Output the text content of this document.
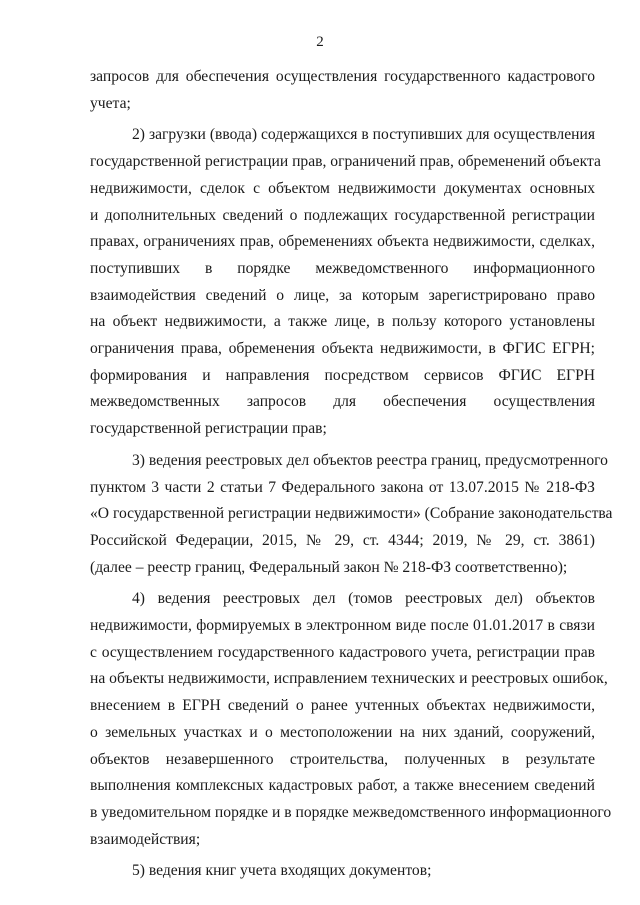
2
запросов для обеспечения осуществления государственного кадастрового
учета;
2) загрузки (ввода) содержащихся в поступивших для осуществления
государственной регистрации прав, ограничений прав, обременений объекта
недвижимости, сделок с объектом недвижимости документах основных
и дополнительных сведений о подлежащих государственной регистрации
правах, ограничениях прав, обременениях объекта недвижимости, сделках,
поступивших в порядке межведомственного информационного
взаимодействия сведений о лице, за которым зарегистрировано право
на объект недвижимости, а также лице, в пользу которого установлены
ограничения права, обременения объекта недвижимости, в ФГИС ЕГРН;
формирования и направления посредством сервисов ФГИС ЕГРН
межведомственных запросов для обеспечения осуществления
государственной регистрации прав;
3) ведения реестровых дел объектов реестра границ, предусмотренного
пунктом 3 части 2 статьи 7 Федерального закона от 13.07.2015 № 218-ФЗ
«О государственной регистрации недвижимости» (Собрание законодательства
Российской Федерации, 2015, № 29, ст. 4344; 2019, № 29, ст. 3861)
(далее – реестр границ, Федеральный закон № 218-ФЗ соответственно);
4) ведения реестровых дел (томов реестровых дел) объектов
недвижимости, формируемых в электронном виде после 01.01.2017 в связи
с осуществлением государственного кадастрового учета, регистрации прав
на объекты недвижимости, исправлением технических и реестровых ошибок,
внесением в ЕГРН сведений о ранее учтенных объектах недвижимости,
о земельных участках и о местоположении на них зданий, сооружений,
объектов незавершенного строительства, полученных в результате
выполнения комплексных кадастровых работ, а также внесением сведений
в уведомительном порядке и в порядке межведомственного информационного
взаимодействия;
5) ведения книг учета входящих документов;
